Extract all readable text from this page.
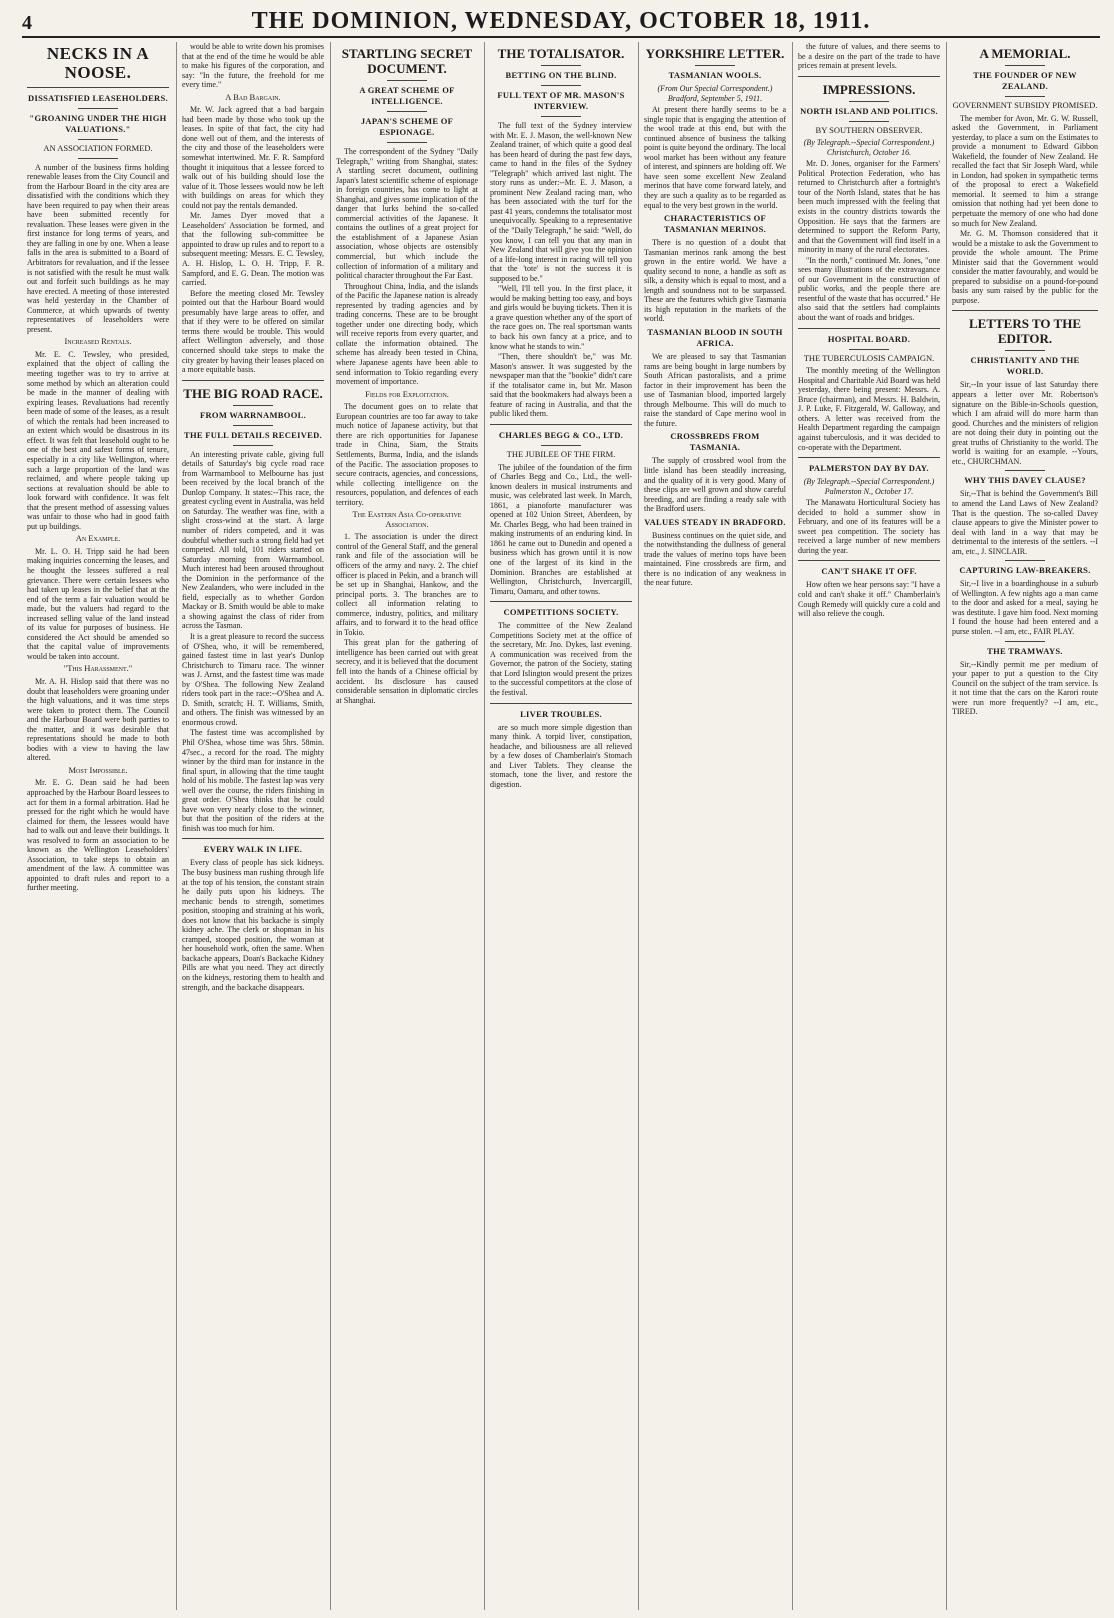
4	THE DOMINION, WEDNESDAY, OCTOBER 18, 1911.
NECKS IN A NOOSE.
DISSATISFIED LEASEHOLDERS.
"GROANING UNDER THE HIGH VALUATIONS."
AN ASSOCIATION FORMED.

A number of the business firms holding renewable leases from the City Council and from the Harbour Board in the city area are dissatisfied with the conditions which they have been required to pay when their areas have been submitted recently for revaluation. These leases were given in the first instance for long terms of years, and they are falling in one by one. When a lease falls in the area is submitted to a Board of Arbitrators for revaluation, and if the lessee is not satisfied with the result he must walk out and forfeit such buildings as he may have erected. A meeting of those interested was held yesterday in the Chamber of Commerce, at which upwards of twenty representatives of leaseholders were present.

Increased Rentals.

Mr. E. C. Tewsley, who presided, explained that the object of calling the meeting together was to try to arrive at some method by which an alteration could be made in the manner of dealing with expiring leases. Revaluations had recently been made of some of the leases, as a result of which the rentals had been increased to an extent which would be disastrous in its effect. It was felt that leasehold ought to be one of the best and safest forms of tenure, especially in a city like Wellington, where such a large proportion of the land was reclaimed, and where people taking up sections at revaluation should be able to look forward with confidence. It was felt that the present method of assessing values was unfair to those who had in good faith put up buildings.

An Example.

Mr. L. O. H. Tripp said he had been making inquiries concerning the leases, and he thought the lessees suffered a real grievance. There were certain lessees who had taken up leases in the belief that at the end of the term a fair valuation would be made, but the valuers had regard to the increased selling value of the land instead of its value for purposes of business. He considered the Act should be amended so that the capital value of improvements would be taken into account.

"This Harassment."

Mr. A. H. Hislop said that there was no doubt that leaseholders were groaning under the high valuations, and it was time steps were taken to protect them. The Council and the Harbour Board were both parties to the matter, and it was desirable that representations should be made to both bodies with a view to having the law altered.

Most Impossible.

Mr. E. G. Dean said he had been approached by the Harbour Board lessees to act for them in a formal arbitration. Had he pressed for the right which he would have claimed for them, the lessees would have had to walk out and leave their buildings. It was resolved to form an association to be known as the Wellington Leaseholders' Association, to take steps to obtain an amendment of the law. A committee was appointed to draft rules and report to a further meeting.

would be able to write down his promises that at the end of the time he would be able to make his figures of the corporation, and say: "In the future, the freehold for me every time."

A Bad Bargain.

Mr. W. Jack agreed that a bad bargain had been made by those who took up the leases. In spite of that fact, the city had done well out of them, and the interests of the city and those of the leaseholders were somewhat intertwined. Mr. F. R. Sampford thought it iniquitous that a lessee forced to walk out of his building should lose the value of it. Those lessees would now be left with buildings on areas for which they could not pay the rentals demanded.

Mr. James Dyer moved that a Leaseholders' Association be formed, and that the following sub-committee be appointed to draw up rules and to report to a subsequent meeting: Messrs. E. C. Tewsley, A. H. Hislop, L. O. H. Tripp, F. R. Sampford, and E. G. Dean. The motion was carried.

Before the meeting closed Mr. Tewsley pointed out that the Harbour Board would presumably have large areas to offer, and that if they were to be offered on similar terms there would be trouble. This would affect Wellington adversely, and those concerned should take steps to make the city greater by having their leases placed on a more equitable basis.

THE BIG ROAD RACE.
FROM WARRNAMBOOL.
THE FULL DETAILS RECEIVED.

An interesting private cable, giving full details of Saturday's big cycle road race from Warrnambool to Melbourne has just been received by the local branch of the Dunlop Company. It states:--This race, the greatest cycling event in Australia, was held on Saturday. The weather was fine, with a slight cross-wind at the start. A large number of riders competed, and it was doubtful whether such a strong field had yet competed. All told, 101 riders started on Saturday morning from Warrnambool. Much interest had been aroused throughout the Dominion in the performance of the New Zealanders, who were included in the field, especially as to whether Gordon Mackay or B. Smith would be able to make a showing against the class of rider from across the Tasman.

It is a great pleasure to record the success of O'Shea, who, it will be remembered, gained fastest time in last year's Dunlop Christchurch to Timaru race. The winner was J. Arnst, and the fastest time was made by O'Shea. The following New Zealand riders took part in the race:--O'Shea and A. D. Smith, scratch; H. T. Williams, Smith, and others. The finish was witnessed by an enormous crowd.

The fastest time was accomplished by Phil O'Shea, whose time was 5hrs. 58min. 47sec., a record for the road. The mighty winner by the third man for instance in the final spurt, in allowing that the time taught hold of his mobile. The fastest lap was very well over the course, the riders finishing in great order. O'Shea thinks that he could have won very nearly close to the winner, but that the position of the riders at the finish was too much for him.

EVERY WALK IN LIFE.

Every class of people has sick kidneys. The busy business man rushing through life at the top of his tension, the constant strain he daily puts upon his kidneys. The mechanic bends to strength, sometimes position, stooping and straining at his work, does not know that his backache is simply kidney ache. The clerk or shopman in his cramped, stooped position, the woman at her household work, often the same. When backache appears, Doan's Backache Kidney Pills are what you need. They act directly on the kidneys, restoring them to health and strength, and the backache disappears.

STARTLING SECRET DOCUMENT.
A GREAT SCHEME OF INTELLIGENCE.
JAPAN'S SCHEME OF ESPIONAGE.

The correspondent of the Sydney "Daily Telegraph," writing from Shanghai, states: A startling secret document, outlining Japan's latest scientific scheme of espionage in foreign countries, has come to light at Shanghai, and gives some implication of the danger that lurks behind the so-called commercial activities of the Japanese. It contains the outlines of a great project for the establishment of a Japanese Asian association, whose objects are ostensibly commercial, but which include the collection of information of a military and political character throughout the Far East.

Throughout China, India, and the islands of the Pacific the Japanese nation is already represented by trading agencies and by trading concerns. These are to be brought together under one directing body, which will receive reports from every quarter, and collate the information obtained. The scheme has already been tested in China, where Japanese agents have been able to send information to Tokio regarding every movement of importance.

Fields for Exploitation.

The document goes on to relate that European countries are too far away to take much notice of Japanese activity, but that there are rich opportunities for Japanese trade in China, Siam, the Straits Settlements, Burma, India, and the islands of the Pacific. The association proposes to secure contracts, agencies, and concessions, while collecting intelligence on the resources, population, and defences of each territory.

The Eastern Asia Co-operative Association.

1. The association is under the direct control of the General Staff, and the general rank and file of the association will be officers of the army and navy. 2. The chief officer is placed in Pekin, and a branch will be set up in Shanghai, Hankow, and the principal ports. 3. The branches are to collect all information relating to commerce, industry, politics, and military affairs, and to forward it to the head office in Tokio.

This great plan for the gathering of intelligence has been carried out with great secrecy, and it is believed that the document fell into the hands of a Chinese official by accident. Its disclosure has caused considerable sensation in diplomatic circles at Shanghai.

THE TOTALISATOR.
BETTING ON THE BLIND.
FULL TEXT OF MR. MASON'S INTERVIEW.

The full text of the Sydney interview with Mr. E. J. Mason, the well-known New Zealand trainer, of which quite a good deal has been heard of during the past few days, came to hand in the files of the Sydney "Telegraph" which arrived last night. The story runs as under:--Mr. E. J. Mason, a prominent New Zealand racing man, who has been associated with the turf for the past 41 years, condemns the totalisator most unequivocally. Speaking to a representative of the "Daily Telegraph," he said: "Well, do you know, I can tell you that any man in New Zealand that will give you the opinion of a life-long interest in racing will tell you that the 'tote' is not the success it is supposed to be."

"Well, I'll tell you. In the first place, it would be making betting too easy, and boys and girls would be buying tickets. Then it is a grave question whether any of the sport of the race goes on. The real sportsman wants to back his own fancy at a price, and to know what he stands to win."

"Then, there shouldn't be," was Mr. Mason's answer. It was suggested by the newspaper man that the "bookie" didn't care if the totalisator came in, but Mr. Mason said that the bookmakers had always been a feature of racing in Australia, and that the public liked them.

CHARLES BEGG & CO., LTD.
THE JUBILEE OF THE FIRM.

The jubilee of the foundation of the firm of Charles Begg and Co., Ltd., the well-known dealers in musical instruments and music, was celebrated last week. In March, 1861, a pianoforte manufacturer was opened at 102 Union Street, Aberdeen, by Mr. Charles Begg, who had been trained in making instruments of an enduring kind. In 1861 he came out to Dunedin and opened a business which has grown until it is now one of the largest of its kind in the Dominion. Branches are established at Wellington, Christchurch, Invercargill, Timaru, Oamaru, and other towns.

COMPETITIONS SOCIETY.

The committee of the New Zealand Competitions Society met at the office of the secretary, Mr. Jno. Dykes, last evening. A communication was received from the Governor, the patron of the Society, stating that Lord Islington would present the prizes to the successful competitors at the close of the festival.

LIVER TROUBLES.

are so much more simple digestion than many think. A torpid liver, constipation, headache, and biliousness are all relieved by a few doses of Chamberlain's Stomach and Liver Tablets. They cleanse the stomach, tone the liver, and restore the digestion.

YORKSHIRE LETTER.
TASMANIAN WOOLS.
(From Our Special Correspondent.) Bradford, September 5, 1911.

At present there hardly seems to be a single topic that is engaging the attention of the wool trade at this end, but with the continued absence of business the talking point is quite beyond the ordinary. The local wool market has been without any feature of interest, and spinners are holding off. We have seen some excellent New Zealand merinos that have come forward lately, and they are such a quality as to be regarded as equal to the very best grown in the world.

CHARACTERISTICS OF TASMANIAN MERINOS.

There is no question of a doubt that Tasmanian merinos rank among the best grown in the entire world. We have a quality second to none, a handle as soft as silk, a density which is equal to most, and a length and soundness not to be surpassed. These are the features which give Tasmania its high reputation in the markets of the world.

TASMANIAN BLOOD IN SOUTH AFRICA.

We are pleased to say that Tasmanian rams are being bought in large numbers by South African pastoralists, and a prime factor in their improvement has been the use of Tasmanian blood, imported largely through Melbourne. This will do much to raise the standard of Cape merino wool in the future.

CROSSBREDS FROM TASMANIA.

The supply of crossbred wool from the little island has been steadily increasing, and the quality of it is very good. Many of these clips are well grown and show careful breeding, and are finding a ready sale with the Bradford users.

VALUES STEADY IN BRADFORD.

Business continues on the quiet side, and the notwithstanding the dullness of general trade the values of merino tops have been maintained. Fine crossbreds are firm, and there is no indication of any weakness in the near future.

the future of values, and there seems to be a desire on the part of the trade to have prices remain at present levels.

IMPRESSIONS.
NORTH ISLAND AND POLITICS.
BY SOUTHERN OBSERVER.
(By Telegraph.--Special Correspondent.) Christchurch, October 16.

Mr. D. Jones, organiser for the Farmers' Political Protection Federation, who has returned to Christchurch after a fortnight's tour of the North Island, states that he has been much impressed with the feeling that exists in the country districts towards the Opposition. He says that the farmers are determined to support the Reform Party, and that the Government will find itself in a minority in many of the rural electorates.

"In the north," continued Mr. Jones, "one sees many illustrations of the extravagance of our Government in the construction of public works, and the people there are resentful of the waste that has occurred." He also said that the settlers had complaints about the want of roads and bridges.

HOSPITAL BOARD.
THE TUBERCULOSIS CAMPAIGN.

The monthly meeting of the Wellington Hospital and Charitable Aid Board was held yesterday, there being present: Messrs. A. Bruce (chairman), and Messrs. H. Baldwin, J. P. Luke, F. Fitzgerald, W. Galloway, and others. A letter was received from the Health Department regarding the campaign against tuberculosis, and it was decided to co-operate with the Department.

PALMERSTON DAY BY DAY.
(By Telegraph.--Special Correspondent.) Palmerston N., October 17.

The Manawatu Horticultural Society has decided to hold a summer show in February, and one of its features will be a sweet pea competition. The society has received a large number of new members during the year.

CAN'T SHAKE IT OFF.

How often we hear persons say: "I have a cold and can't shake it off." Chamberlain's Cough Remedy will quickly cure a cold and will also relieve the cough.

A MEMORIAL.
THE FOUNDER OF NEW ZEALAND.
GOVERNMENT SUBSIDY PROMISED.

The member for Avon, Mr. G. W. Russell, asked the Government, in Parliament yesterday, to place a sum on the Estimates to provide a monument to Edward Gibbon Wakefield, the founder of New Zealand. He recalled the fact that Sir Joseph Ward, while in London, had spoken in sympathetic terms of the proposal to erect a Wakefield memorial. It seemed to him a strange omission that nothing had yet been done to perpetuate the memory of one who had done so much for New Zealand.

Mr. G. M. Thomson considered that it would be a mistake to ask the Government to provide the whole amount. The Prime Minister said that the Government would consider the matter favourably, and would be prepared to subsidise on a pound-for-pound basis any sum raised by the public for the purpose.

LETTERS TO THE EDITOR.
CHRISTIANITY AND THE WORLD.

Sir,--In your issue of last Saturday there appears a letter over Mr. Robertson's signature on the Bible-in-Schools question, which I am afraid will do more harm than good. Churches and the ministers of religion are not doing their duty in pointing out the great truths of Christianity to the world. The world is waiting for an example. --Yours, etc., CHURCHMAN.

WHY THIS DAVEY CLAUSE?

Sir,--That is behind the Government's Bill to amend the Land Laws of New Zealand? That is the question. The so-called Davey clause appears to give the Minister power to deal with land in a way that may be detrimental to the interests of the settlers. --I am, etc., J. SINCLAIR.

CAPTURING LAW-BREAKERS.

Sir,--I live in a boardinghouse in a suburb of Wellington. A few nights ago a man came to the door and asked for a meal, saying he was destitute. I gave him food. Next morning I found the house had been entered and a purse stolen. --I am, etc., FAIR PLAY.

THE TRAMWAYS.

Sir,--Kindly permit me per medium of your paper to put a question to the City Council on the subject of the tram service. Is it not time that the cars on the Karori route were run more frequently? --I am, etc., TIRED.
